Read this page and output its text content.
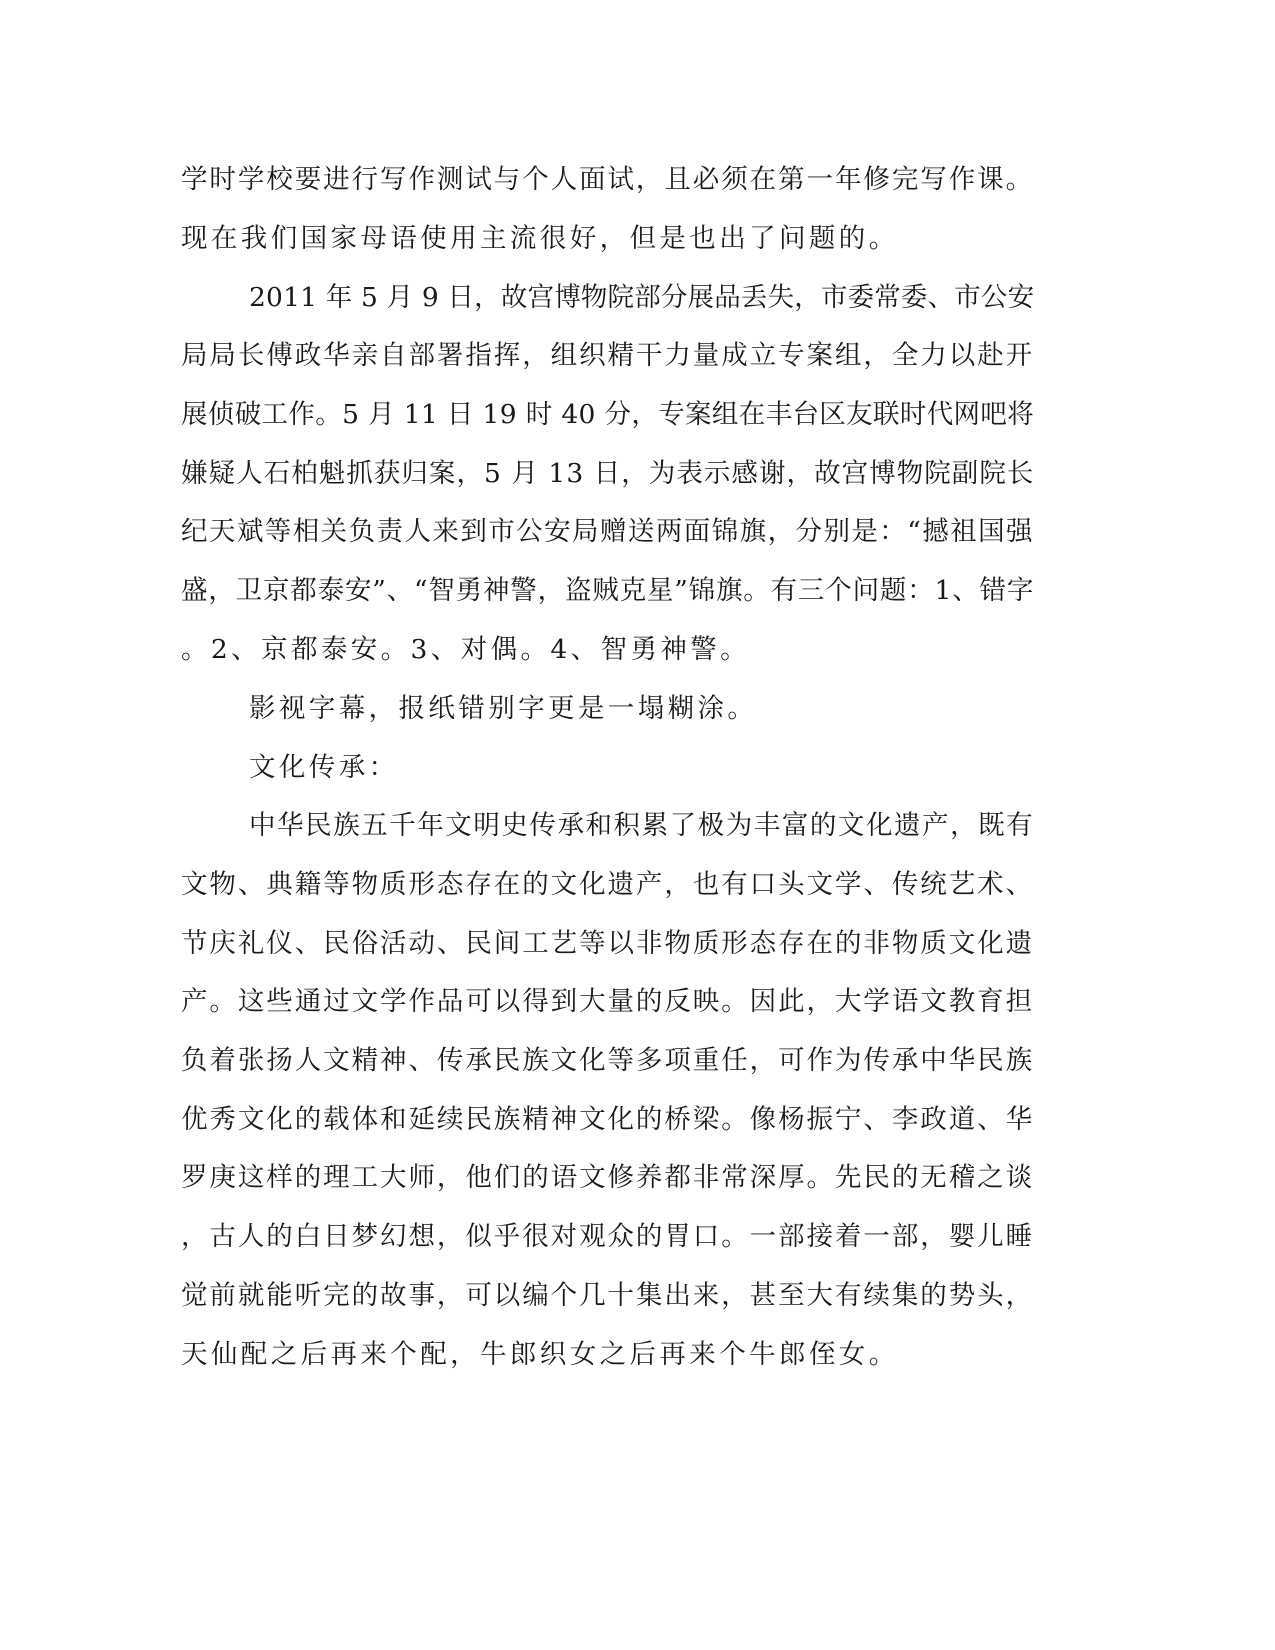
学时学校要进行写作测试与个人面试，且必须在第一年修完写作课。
现在我们国家母语使用主流很好，但是也出了问题的。
2011 年 5 月 9 日，故宫博物院部分展品丢失，市委常委、市公安
局局长傅政华亲自部署指挥，组织精干力量成立专案组，全力以赴开
展侦破工作。5 月 11 日 19 时 40 分，专案组在丰台区友联时代网吧将
嫌疑人石柏魁抓获归案，5 月 13 日，为表示感谢，故宫博物院副院长
纪天斌等相关负责人来到市公安局赠送两面锦旗，分别是：“撼祖国强
盛，卫京都泰安”、“智勇神警，盗贼克星”锦旗。有三个问题：1、错字
。2、京都泰安。3、对偶。4、智勇神警。
影视字幕，报纸错别字更是一塌糊涂。
文化传承：
中华民族五千年文明史传承和积累了极为丰富的文化遗产，既有
文物、典籍等物质形态存在的文化遗产，也有口头文学、传统艺术、
节庆礼仪、民俗活动、民间工艺等以非物质形态存在的非物质文化遗
产。这些通过文学作品可以得到大量的反映。因此，大学语文教育担
负着张扬人文精神、传承民族文化等多项重任，可作为传承中华民族
优秀文化的载体和延续民族精神文化的桥梁。像杨振宁、李政道、华
罗庚这样的理工大师，他们的语文修养都非常深厚。先民的无稽之谈
，古人的白日梦幻想，似乎很对观众的胃口。一部接着一部，婴儿睡
觉前就能听完的故事，可以编个几十集出来，甚至大有续集的势头，
天仙配之后再来个配，牛郎织女之后再来个牛郎侄女。
